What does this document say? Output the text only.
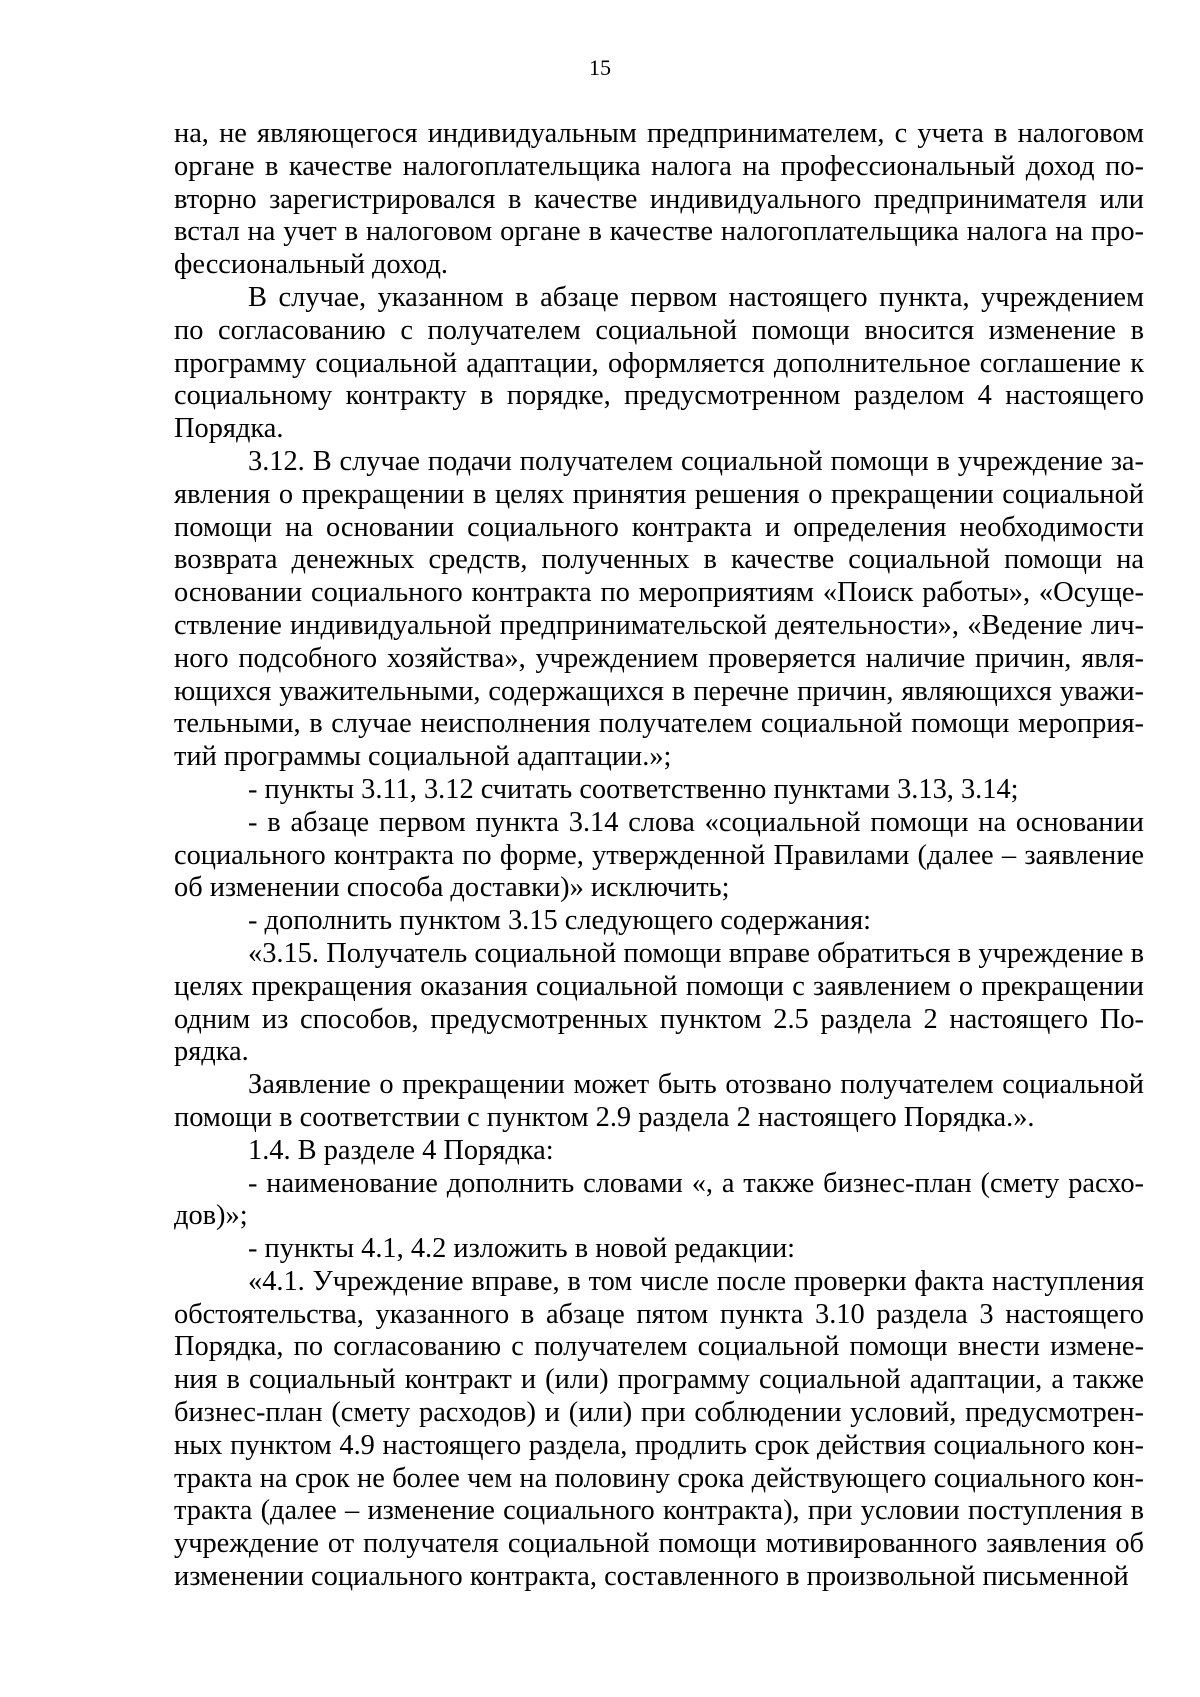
15

на, не являющегося индивидуальным предпринимателем, с учета в налоговом органе в качестве налогоплательщика налога на профессиональный доход повторно зарегистрировался в качестве индивидуального предпринимателя или встал на учет в налоговом органе в качестве налогоплательщика налога на профессиональный доход.

В случае, указанном в абзаце первом настоящего пункта, учреждением по согласованию с получателем социальной помощи вносится изменение в программу социальной адаптации, оформляется дополнительное соглашение к социальному контракту в порядке, предусмотренном разделом 4 настоящего Порядка.

3.12. В случае подачи получателем социальной помощи в учреждение заявления о прекращении в целях принятия решения о прекращении социальной помощи на основании социального контракта и определения необходимости возврата денежных средств, полученных в качестве социальной помощи на основании социального контракта по мероприятиям «Поиск работы», «Осуществление индивидуальной предпринимательской деятельности», «Ведение личного подсобного хозяйства», учреждением проверяется наличие причин, являющихся уважительными, содержащихся в перечне причин, являющихся уважительными, в случае неисполнения получателем социальной помощи мероприятий программы социальной адаптации.»;

- пункты 3.11, 3.12 считать соответственно пунктами 3.13, 3.14;

- в абзаце первом пункта 3.14 слова «социальной помощи на основании социального контракта по форме, утвержденной Правилами (далее – заявление об изменении способа доставки)» исключить;

- дополнить пунктом 3.15 следующего содержания:

«3.15. Получатель социальной помощи вправе обратиться в учреждение в целях прекращения оказания социальной помощи с заявлением о прекращении одним из способов, предусмотренных пунктом 2.5 раздела 2 настоящего Порядка.

Заявление о прекращении может быть отозвано получателем социальной помощи в соответствии с пунктом 2.9 раздела 2 настоящего Порядка.».

1.4. В разделе 4 Порядка:

- наименование дополнить словами «, а также бизнес-план (смету расходов)»;

- пункты 4.1, 4.2 изложить в новой редакции:

«4.1. Учреждение вправе, в том числе после проверки факта наступления обстоятельства, указанного в абзаце пятом пункта 3.10 раздела 3 настоящего Порядка, по согласованию с получателем социальной помощи внести изменения в социальный контракт и (или) программу социальной адаптации, а также бизнес-план (смету расходов) и (или) при соблюдении условий, предусмотренных пунктом 4.9 настоящего раздела, продлить срок действия социального контракта на срок не более чем на половину срока действующего социального контракта (далее – изменение социального контракта), при условии поступления в учреждение от получателя социальной помощи мотивированного заявления об изменении социального контракта, составленного в произвольной письменной
